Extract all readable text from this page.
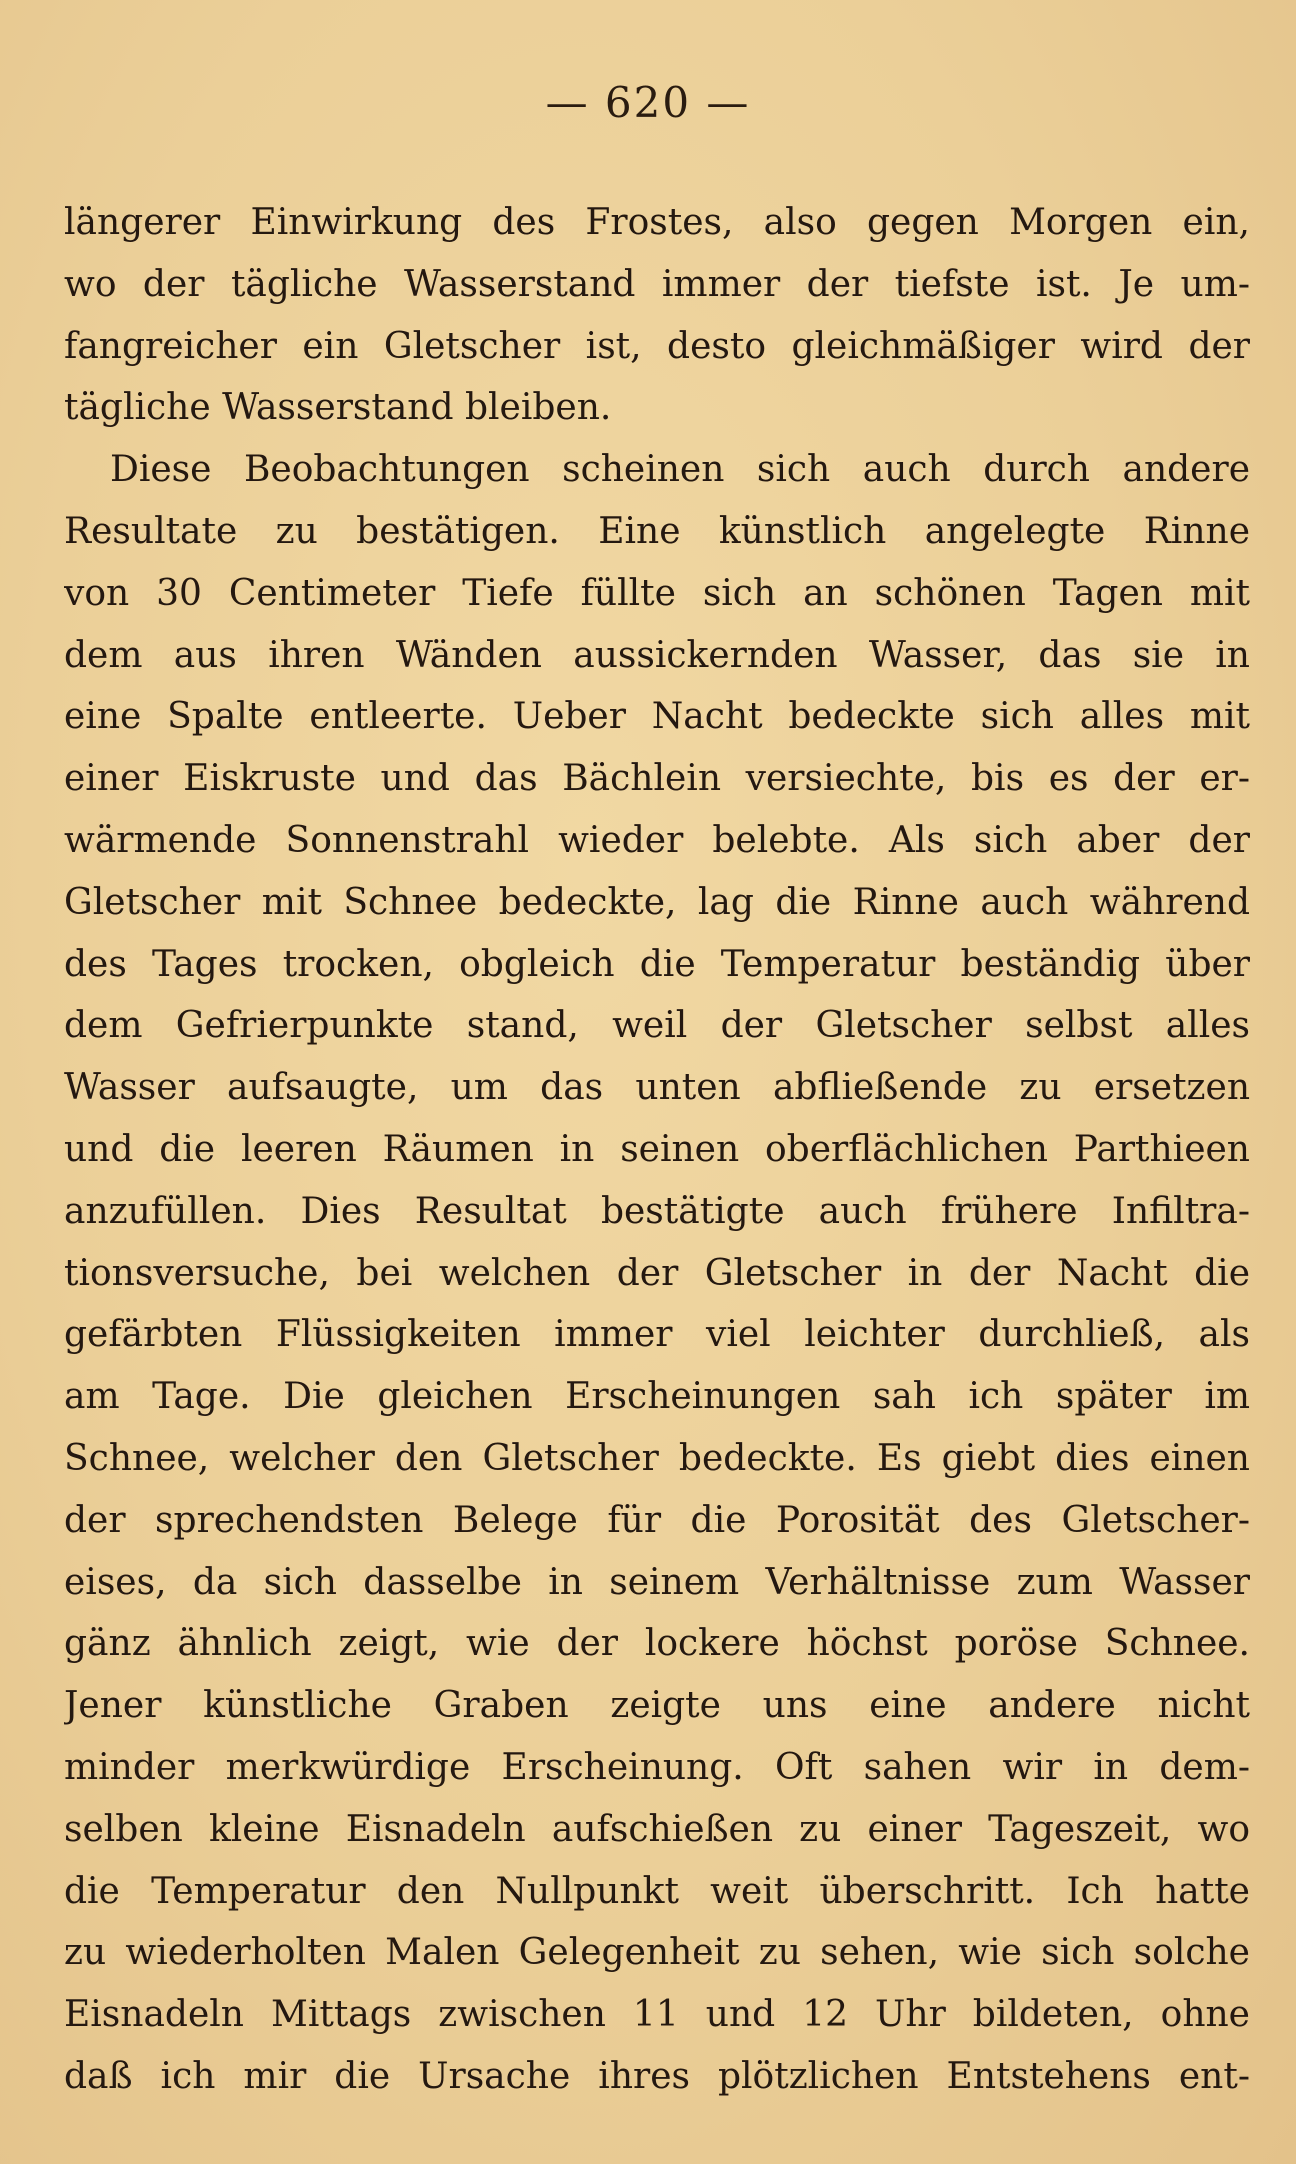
— 620 —
längerer Einwirkung des Frostes, also gegen Morgen ein,
wo der tägliche Wasserstand immer der tiefste ist. Je um-
fangreicher ein Gletscher ist, desto gleichmäßiger wird der
tägliche Wasserstand bleiben.
Diese Beobachtungen scheinen sich auch durch andere
Resultate zu bestätigen. Eine künstlich angelegte Rinne
von 30 Centimeter Tiefe füllte sich an schönen Tagen mit
dem aus ihren Wänden aussickernden Wasser, das sie in
eine Spalte entleerte. Ueber Nacht bedeckte sich alles mit
einer Eiskruste und das Bächlein versiechte, bis es der er-
wärmende Sonnenstrahl wieder belebte. Als sich aber der
Gletscher mit Schnee bedeckte, lag die Rinne auch während
des Tages trocken, obgleich die Temperatur beständig über
dem Gefrierpunkte stand, weil der Gletscher selbst alles
Wasser aufsaugte, um das unten abfließende zu ersetzen
und die leeren Räumen in seinen oberflächlichen Parthieen
anzufüllen. Dies Resultat bestätigte auch frühere Infiltra-
tionsversuche, bei welchen der Gletscher in der Nacht die
gefärbten Flüssigkeiten immer viel leichter durchließ, als
am Tage. Die gleichen Erscheinungen sah ich später im
Schnee, welcher den Gletscher bedeckte. Es giebt dies einen
der sprechendsten Belege für die Porosität des Gletscher-
eises, da sich dasselbe in seinem Verhältnisse zum Wasser
gänz ähnlich zeigt, wie der lockere höchst poröse Schnee.
Jener künstliche Graben zeigte uns eine andere nicht
minder merkwürdige Erscheinung. Oft sahen wir in dem-
selben kleine Eisnadeln aufschießen zu einer Tageszeit, wo
die Temperatur den Nullpunkt weit überschritt. Ich hatte
zu wiederholten Malen Gelegenheit zu sehen, wie sich solche
Eisnadeln Mittags zwischen 11 und 12 Uhr bildeten, ohne
daß ich mir die Ursache ihres plötzlichen Entstehens ent-
